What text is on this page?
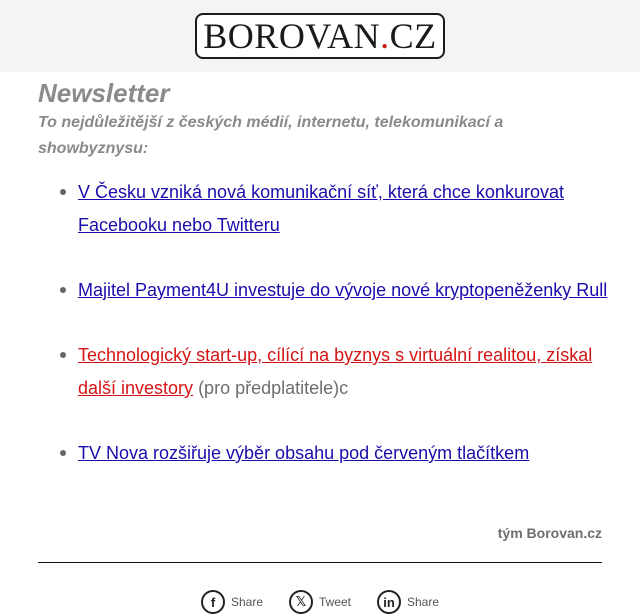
BOROVAN.CZ
Newsletter
To nejdůležitější z českých médií, internetu, telekomunikací a showbyznysu:
V Česku vzniká nová komunikační síť, která chce konkurovat Facebooku nebo Twitteru
Majitel Payment4U investuje do vývoje nové kryptopeněženky Rull
Technologický start-up, cílící na byznys s virtuální realitou, získal další investory (pro předplatitele)c
TV Nova rozšiřuje výběr obsahu pod červeným tlačítkem
tým Borovan.cz
f	Share	𝕏	Tweet	in	Share
